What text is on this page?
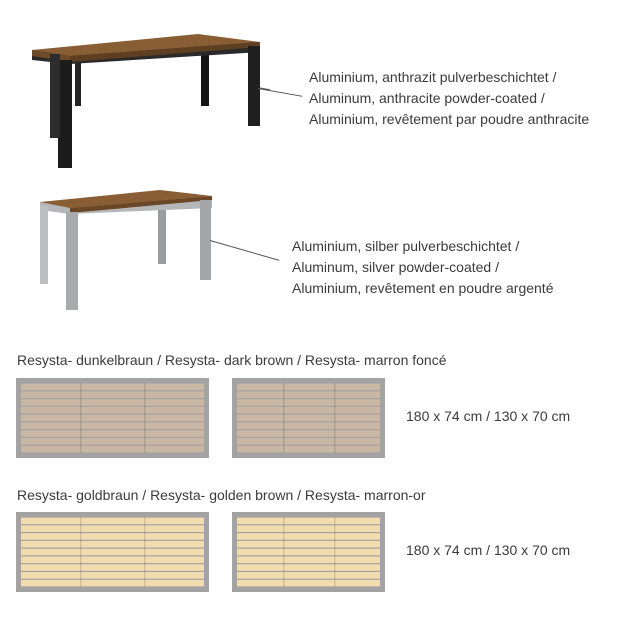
Aluminium, anthrazit pulverbeschichtet /
Aluminum, anthracite powder-coated /
Aluminium, revêtement par poudre anthracite
Aluminium, silber pulverbeschichtet /
Aluminum, silver powder-coated /
Aluminium, revêtement en poudre argenté
Resysta- dunkelbraun / Resysta- dark brown / Resysta- marron foncé
180 x 74 cm / 130 x 70 cm
Resysta- goldbraun / Resysta- golden brown / Resysta- marron-or
180 x 74 cm / 130 x 70 cm
